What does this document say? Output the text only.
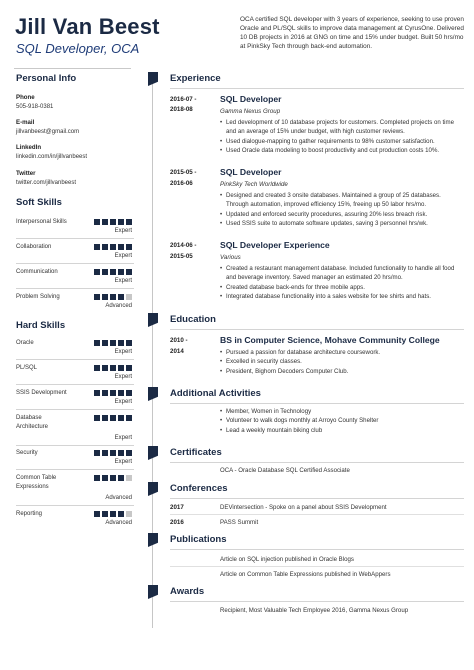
Jill Van Beest
SQL Developer, OCA
OCA certified SQL developer with 3 years of experience, seeking to use proven Oracle and PL/SQL skills to improve data management at CyrusOne. Delivered 10 DB projects in 2016 at GNG on time and 15% under budget. Built 50 hrs/mo at PinkSky Tech through back-end automation.
Personal Info
Phone
505-918-0381
E-mail
jillvanbeest@gmail.com
LinkedIn
linkedin.com/in/jillvanbeest
Twitter
twitter.com/jillvanbeest
Soft Skills
Interpersonal Skills
Expert
Collaboration
Expert
Communication
Expert
Problem Solving
Advanced
Hard Skills
Oracle
Expert
PL/SQL
Expert
SSIS Development
Expert
Database Architecture
Expert
Security
Expert
Common Table Expressions
Advanced
Reporting
Advanced
Experience
2016-07 -
2018-08
SQL Developer
Gamma Nexus Group
• Led development of 10 database projects for customers. Completed projects on time and an average of 15% under budget, with high customer reviews.
• Used dialogue-mapping to gather requirements to 98% customer satisfaction.
• Used Oracle data modeling to boost productivity and cut production costs 10%.
2015-05 -
2016-06
SQL Developer
PinkSky Tech Worldwide
• Designed and created 3 onsite databases. Maintained a group of 25 databases. Through automation, improved efficiency 15%, freeing up 50 labor hrs/mo.
• Updated and enforced security procedures, assuring 20% less breach risk.
• Used SSIS suite to automate software updates, saving 3 personnel hrs/wk.
2014-06 -
2015-05
SQL Developer Experience
Various
• Created a restaurant management database. Included functionality to handle all food and beverage inventory. Saved manager an estimated 20 hrs/mo.
• Created database back-ends for three mobile apps.
• Integrated database functionality into a sales website for tee shirts and hats.
Education
2010 -
2014
BS in Computer Science, Mohave Community College
• Pursued a passion for database architecture coursework.
• Excelled in security classes.
• President, Bighorn Decoders Computer Club.
Additional Activities
• Member, Women in Technology
• Volunteer to walk dogs monthly at Arroyo County Shelter
• Lead a weekly mountain biking club
Certificates
OCA - Oracle Database SQL Certified Associate
Conferences
2017	DEVintersection - Spoke on a panel about SSIS Development
2016	PASS Summit
Publications
Article on SQL injection published in Oracle Blogs
Article on Common Table Expressions published in WebAppers
Awards
Recipient, Most Valuable Tech Employee 2016, Gamma Nexus Group
